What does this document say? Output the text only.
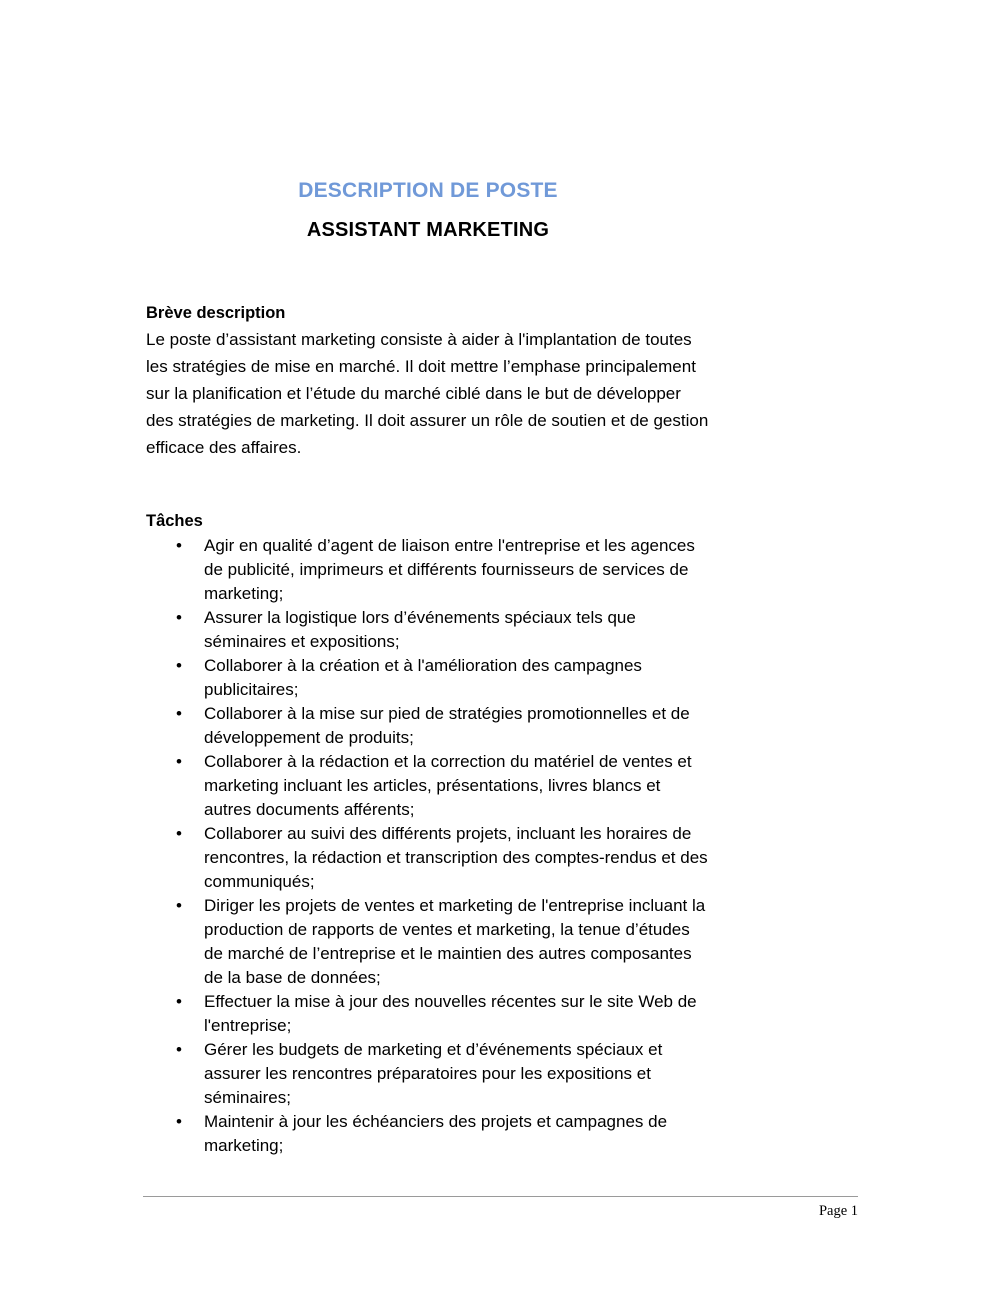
DESCRIPTION DE POSTE
ASSISTANT MARKETING
Brève description

Le poste d’assistant marketing consiste à aider à l'implantation de toutes les stratégies de mise en marché. Il doit mettre l’emphase principalement sur la planification et l’étude du marché ciblé dans le but de développer des stratégies de marketing. Il doit assurer un rôle de soutien et de gestion efficace des affaires.

Tâches
• Agir en qualité d’agent de liaison entre l'entreprise et les agences de publicité, imprimeurs et différents fournisseurs de services de marketing;
• Assurer la logistique lors d’événements spéciaux tels que séminaires et expositions;
• Collaborer à la création et à l'amélioration des campagnes publicitaires;
• Collaborer à la mise sur pied de stratégies promotionnelles et de développement de produits;
• Collaborer à la rédaction et la correction du matériel de ventes et marketing incluant les articles, présentations, livres blancs et autres documents afférents;
• Collaborer au suivi des différents projets, incluant les horaires de rencontres, la rédaction et transcription des comptes-rendus et des communiqués;
• Diriger les projets de ventes et marketing de l'entreprise incluant la production de rapports de ventes et marketing, la tenue d’études de marché de l’entreprise et le maintien des autres composantes de la base de données;
• Effectuer la mise à jour des nouvelles récentes sur le site Web de l'entreprise;
• Gérer les budgets de marketing et d’événements spéciaux et assurer les rencontres préparatoires pour les expositions et séminaires;
• Maintenir à jour les échéanciers des projets et campagnes de marketing;

Page 1
